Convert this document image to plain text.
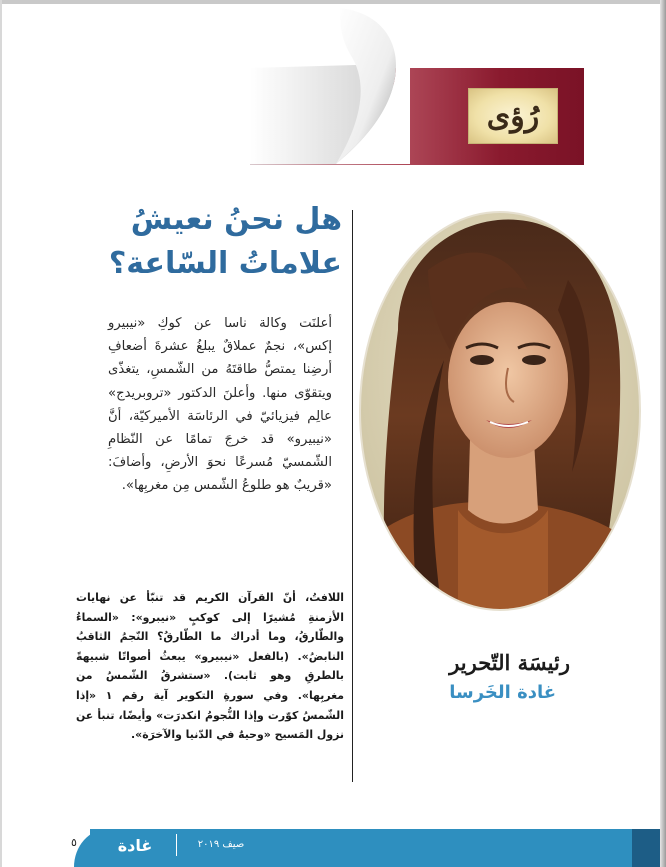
رُؤى
هل نحنُ نعيشُ
علاماتُ السّاعة؟
أعلنَت وكالة ناسا عن كوكِ «نيبيرو إكس»، نجمٌ عملاقٌ يبلغُ عشرةَ أضعافِ أرضِنا يمتصُّ طاقتَهُ من الشّمسِ، يتغذّى ويتقوّى منها. وأعلنَ الدكتور «تروبريدج» عالِم فيزيائيّ في الرئاسَة الأميركيّة، أنَّ «نيبيرو» قد خرجَ تمامًا عن النّظامِ الشّمسيّ مُسرعًا نحوَ الأرضِ، وأضافَ: «قريبٌ هو طلوعُ الشّمس مِن مغربِها».
اللافتُ، أنّ القرآن الكريم قد تنبّأ عن نهايات الأزمنةِ مُشيرًا إلى كوكبٍ «نيبرو»: «السماءُ والطّارقُ، وما أدراك ما الطّارقُ؟ النّجمُ الثاقبُ النابضُ». (بالفعل «نيبيرو» يبعثُ أصواتًا شبيهةً بالطرقِ وهو ثابت). «ستشرقُ الشّمسُ من مغربِها». وفي سورةِ التكوير آية رقم ١ «إذا الشّمسُ كوّرت وإذا النُّجومُ انكدرَت» وأيضًا، تنبأ عن نزول المَسيح «وحيهٌ في الدّنيا والآخرَة».
رئيسَة التّحرير
غادة الخَرسا
غادة	صيف ٢٠١٩
٥
